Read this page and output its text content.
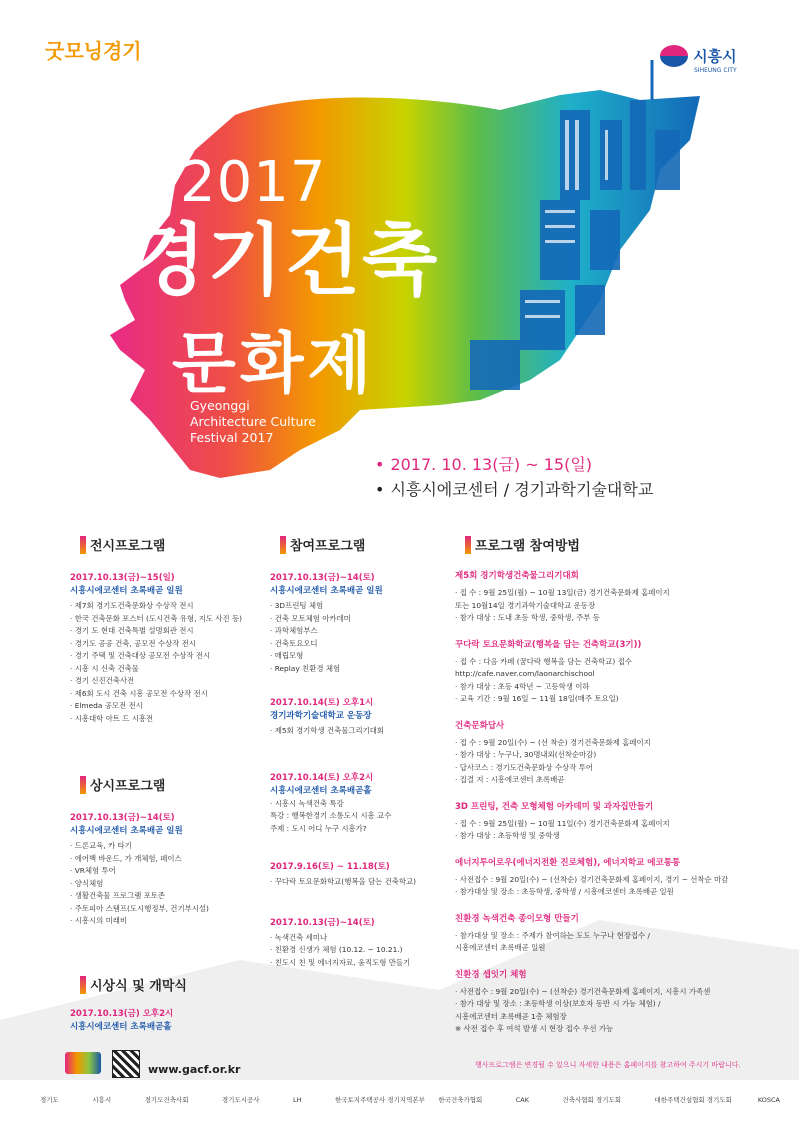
굿모닝경기	시흥시
SIHEUNG CITY
2017
경기건축
문화제
Gyeonggi
Architecture Culture
Festival 2017
• 2017. 10. 13(금) ~ 15(일)
• 시흥시에코센터 / 경기과학기술대학교
전시프로그램
2017.10.13(금)~15(일)
시흥시에코센터 초록배곧 일원
· 제7회 경기도건축문화상 수상작 전시
· 한국 건축문화 포스터 (도시건축 유형, 지도 사진 등)
· 경기 도 현대 건축특별 설명회관 전시
· 경기도 공공 건축, 공모전 수상작 전시
· 경기 주택 및 건축대상 공모전 수상작 전시
· 시흥 시 신축 건축물
· 경기 신진건축사전
· 제6회 도시 건축 시흥 공모전 수상작 전시
· Elmeda 공모전 전시
· 시흥대학 아트 드 시흥전
상시프로그램
2017.10.13(금)~14(토)
시흥시에코센터 초록배곧 일원
· 드론교육, 카 타기
· 에어백 바운드, 가 개체험, 페이스
· VR체험 투어
· 양식체험
· 생활건축물 프로그램 포토존
· 주토피아 스탬프(도시행정부, 건기부시설)
· 시흥시의 미래비
시상식 및 개막식
2017.10.13(금) 오후2시
시흥시에코센터 초록배곧홀
참여프로그램
2017.10.13(금)~14(토)
시흥시에코센터 초록배곧 일원
· 3D프린팅 체험
· 건축 모토체험 아카데미
· 과학체험부스
· 건축토요오디
· 매립모형
· Replay 친환경 체험
2017.10.14(토) 오후1시
경기과학기술대학교 운동장
· 제5회 경기학생 건축물그리기대회
2017.10.14(토) 오후2시
시흥시에코센터 초록배곧홀
· 시흥시 녹색건축 특강
특강 : 행복한경기 소통도시 시흥 교수
주제 : 도시 어디 누구 시흥가?
2017.9.16(토) ~ 11.18(토)
· 꾸다락 토요문화학교(행복을 담는 건축학교)
2017.10.13(금)~14(토)
· 녹색건축 세미나
· 친환경 신생가 체험 (10.12. ~ 10.21.)
· 친도시 친 및 에너지자료, 움직도형 만들기
프로그램 참여방법
제5회 경기학생건축물그리기대회
· 접 수 : 9월 25일(월) ~ 10월 13일(금) 경기건축문화제 홈페이지
또는 10월14일 경기과학기술대학교 운동장
· 참가 대상 : 도내 초등 학생, 중학생, 주부 등
꾸다락 토요문화학교(행복을 담는 건축학교(3기))
· 접 수 : 다음 카페 (꿈다락 행복을 담는 건축학교) 접수
http://cafe.naver.com/laonarchischool
· 참가 대상 : 초등 4학년 ~ 고등학생 이하
· 교육 기간 : 9월 16일 ~ 11월 18일(매주 토요일)
건축문화답사
· 접 수 : 9월 20일(수) ~ (선 착순) 경기건축문화제 홈페이지
· 참가 대상 : 누구나, 30명내외(선착순마감)
· 답사코스 : 경기도건축문화상 수상작 투어
· 집결 지 : 시흥에코센터 초록배곧
3D 프린팅, 건축 모형체험 아카데미 및 과자집만들기
· 접 수 : 9월 25일(월) ~ 10월 11일(수) 경기건축문화제 홈페이지
· 참가 대상 : 초등학생 및 중학생
에너지투어로우(에너지전환 진로체험), 에너지학교 에코통통
· 사전접수 : 9월 20일(수) ~ (선착순) 경기건축문화제 홈페이지, 경기 ~ 선착순 마감
· 참가대상 및 장소 : 초등학생, 중학생 / 시흥에코센터 초록배곧 일원
친환경 녹색건축 종이모형 만들기
· 참가대상 및 장소 : 주제가 참여하는 도도 누구나 현장접수 /
시흥에코센터 초록배곧 일원
친환경 셉잇기 체험
· 사전접수 : 9월 20일(수) ~ (선착순) 경기건축문화제 홈페이지, 시흥시 가족센
· 참가 대상 및 장소 : 초등학생 이상(보호자 동반 시 가능 체험) /
시흥에코센터 초록배곧 1층 체험장
※ 사전 접수 후 여석 발생 시 현장 접수 우선 가능
www.gacf.or.kr	행사프로그램은 변경될 수 있으니 자세한 내용은 홈페이지를 참고하여 주시기 바랍니다.
경기도	시흥시	경기도건축사회	경기도시공사	LH	한국토지주택공사 경기지역본부 한국건축가협회	CAK	건축사협회 경기도회	대한주택건설협회 경기도회	KOSCA
